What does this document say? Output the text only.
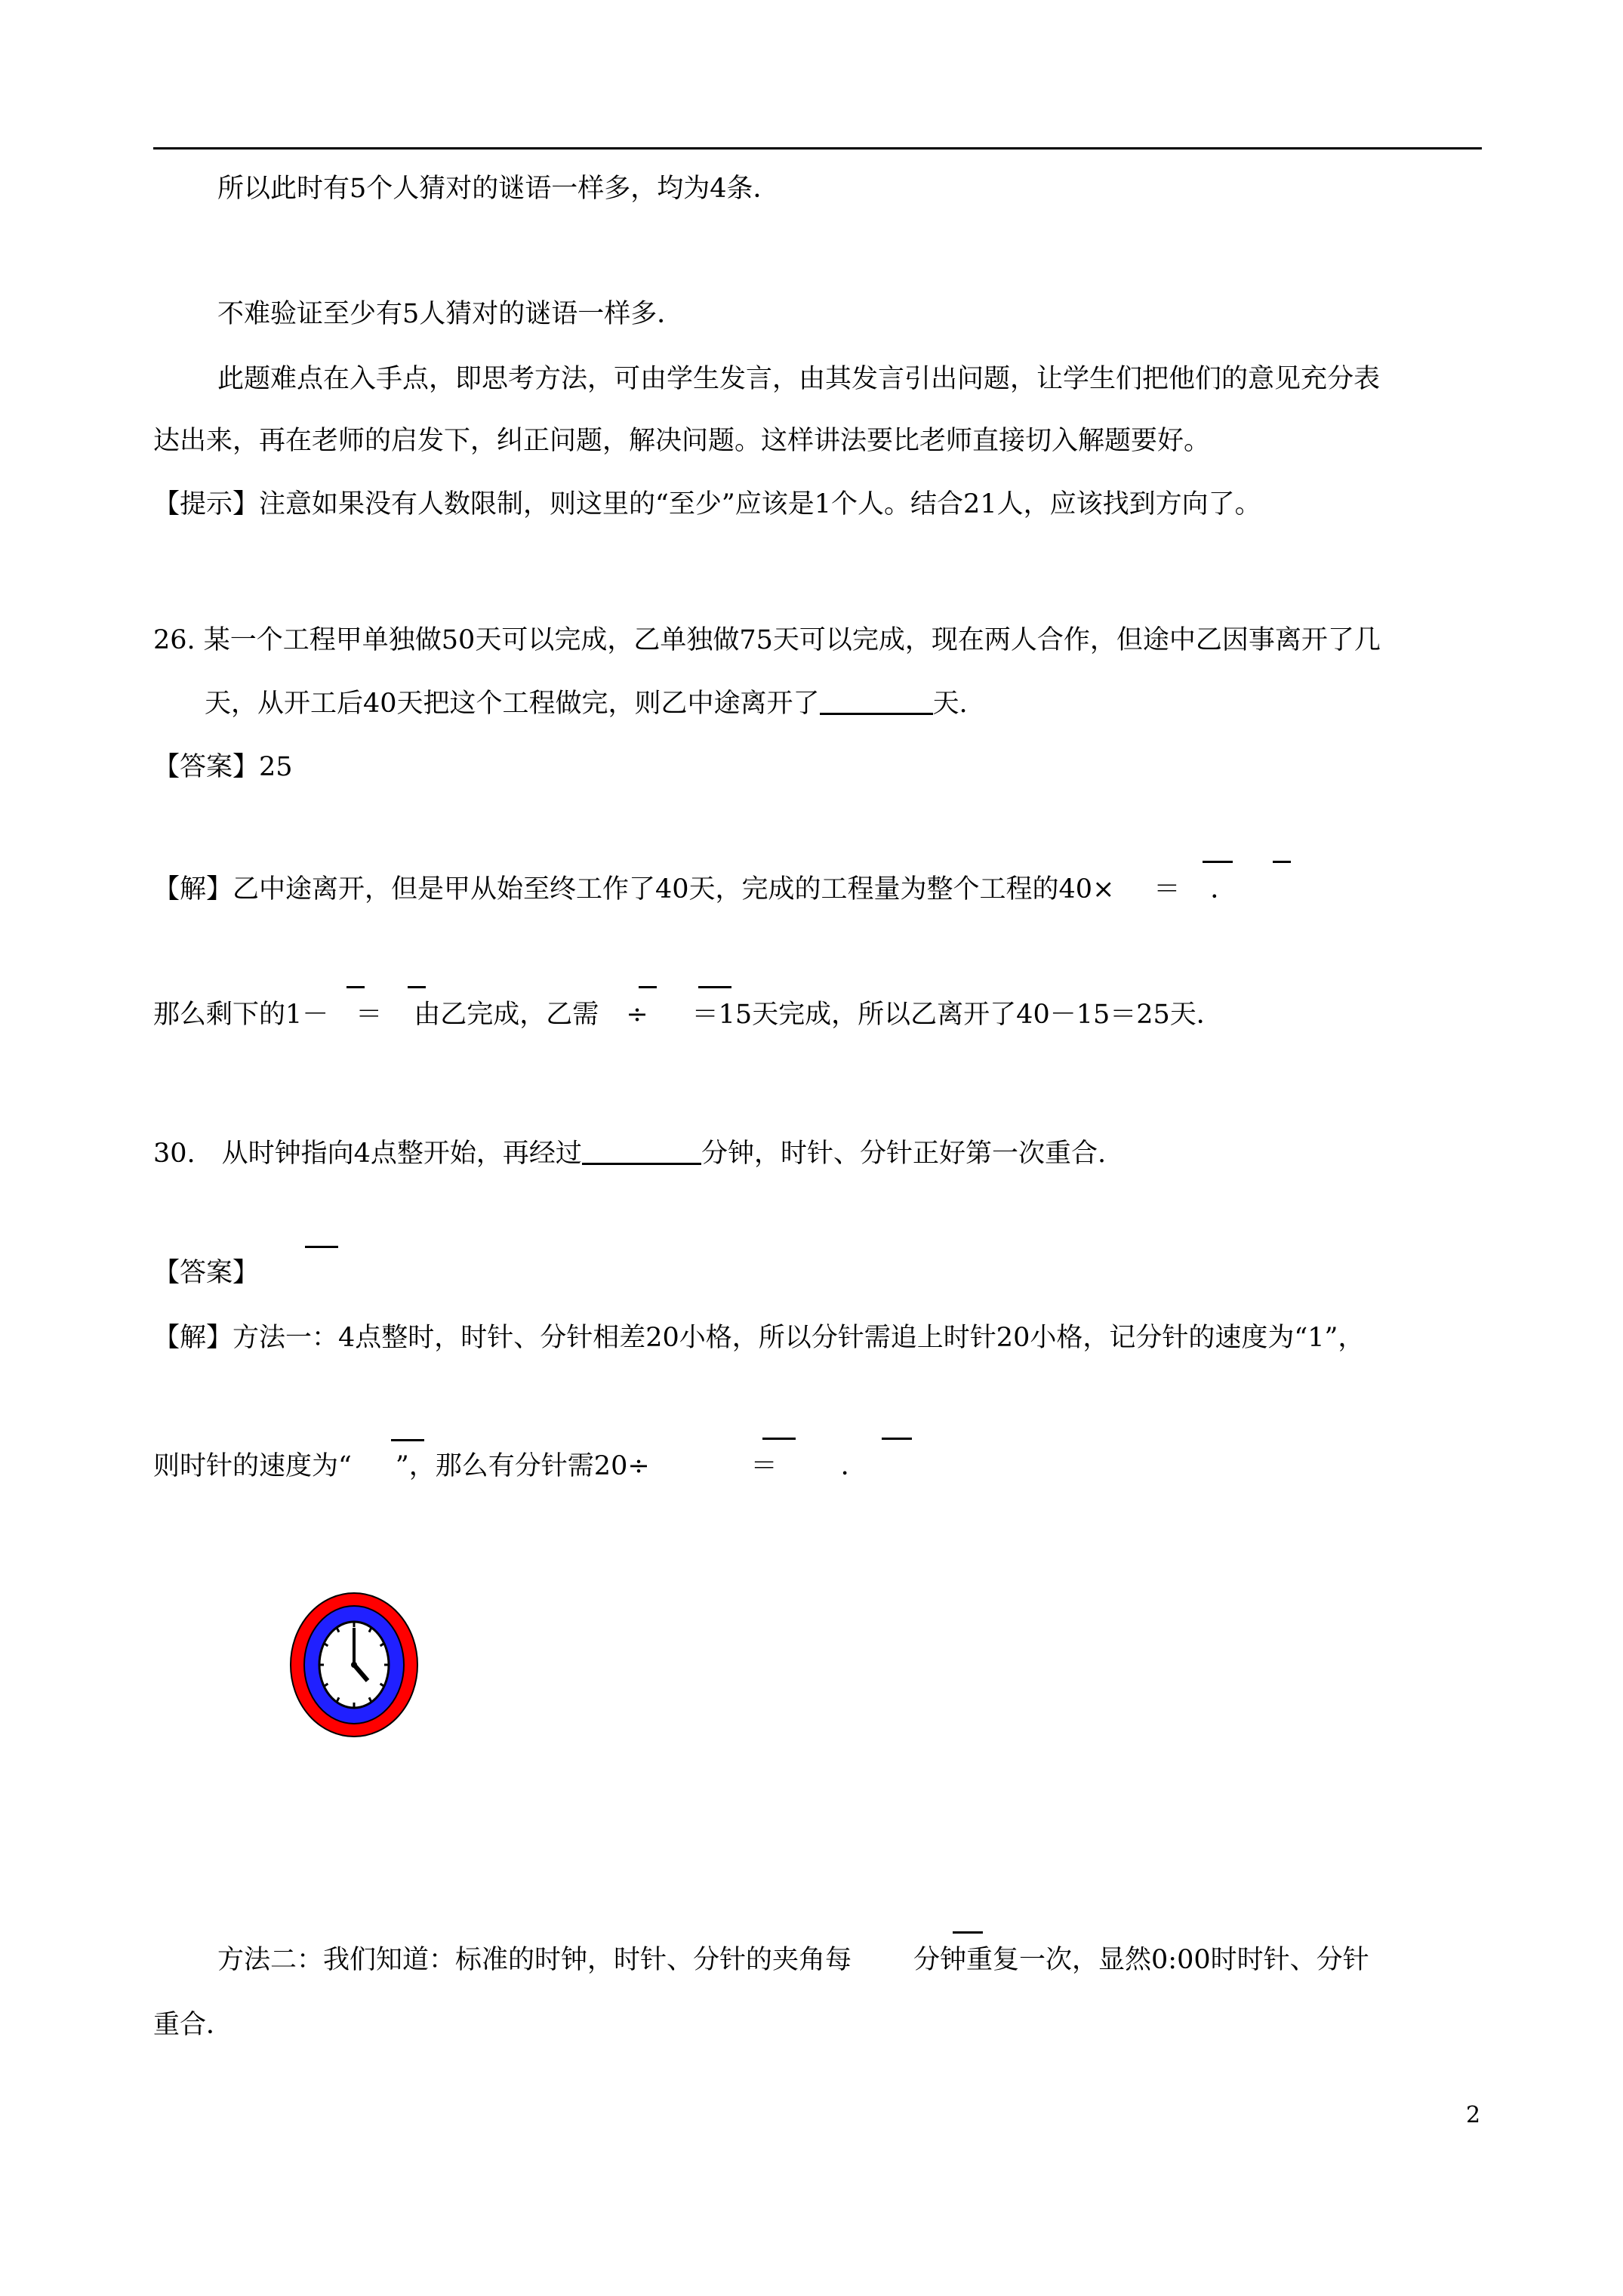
所以此时有5个人猜对的谜语一样多，均为4条．
不难验证至少有5人猜对的谜语一样多．
此题难点在入手点，即思考方法，可由学生发言，由其发言引出问题，让学生们把他们的意见充分表
达出来，再在老师的启发下，纠正问题，解决问题。这样讲法要比老师直接切入解题要好。
【提示】注意如果没有人数限制，则这里的“至少”应该是1个人。结合21人，应该找到方向了。
26. 某一个工程甲单独做50天可以完成，乙单独做75天可以完成，现在两人合作，但途中乙因事离开了几
天，从开工后40天把这个工程做完，则乙中途离开了	天.
【答案】25
【解】乙中途离开，但是甲从始至终工作了40天，完成的工程量为整个工程的40× ＝ ．
那么剩下的1－ ＝ 由乙完成，乙需 ÷ ＝15天完成，所以乙离开了40－15＝25天．
30.　从时钟指向4点整开始，再经过	分钟，时针、分针正好第一次重合.
【答案】
【解】方法一：4点整时，时针、分针相差20小格，所以分针需追上时针20小格，记分针的速度为“1”，
则时针的速度为“ ”，那么有分针需20÷	＝ ．
方法二：我们知道：标准的时钟，时针、分针的夹角每 分钟重复一次，显然0:00时时针、分针
重合．
2
